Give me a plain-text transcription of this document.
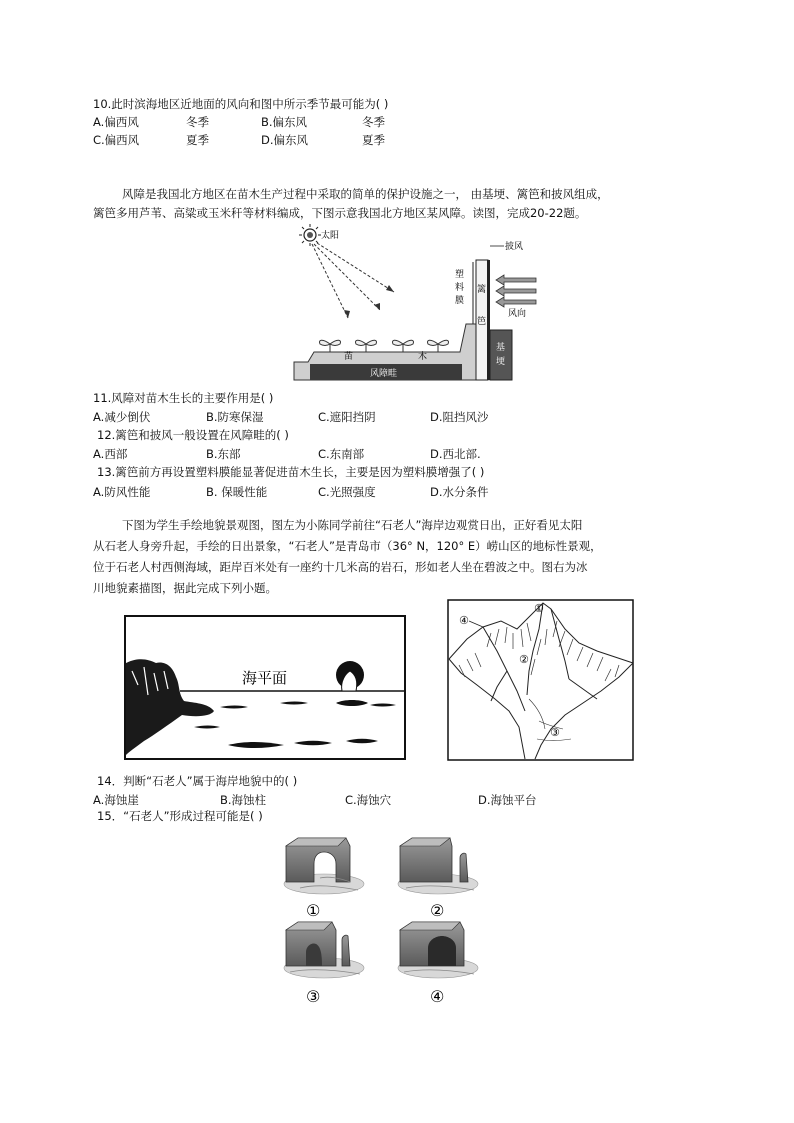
10.此时滨海地区近地面的风向和图中所示季节最可能为( )
A.偏西风	冬季	B.偏东风	冬季
C.偏西风	夏季	D.偏东风	夏季
风障是我国北方地区在苗木生产过程中采取的简单的保护设施之一， 由基埂、篱笆和披风组成，
篱笆多用芦苇、高粱或玉米秆等材料编成，下图示意我国北方地区某风障。读图，完成20-22题。
太阳
风障畦
苗	木
篱
笆
塑
料
膜
披风
基
埂
风向
11.风障对苗木生长的主要作用是( )
A.减少倒伏	B.防寒保湿	C.遮阳挡阴	D.阻挡风沙
12.篱笆和披风一般设置在风障畦的( )
A.西部	B.东部	C.东南部	D.西北部.
13.篱笆前方再设置塑料膜能显著促进苗木生长，主要是因为塑料膜增强了( )
A.防风性能	B. 保暖性能	C.光照强度	D.水分条件
下图为学生手绘地貌景观图，图左为小陈同学前往“石老人”海岸边观赏日出，正好看见太阳
从石老人身旁升起，手绘的日出景象，“石老人”是青岛市（36° N，120° E）崂山区的地标性景观，
位于石老人村西侧海域，距岸百米处有一座约十几米高的岩石，形如老人坐在碧波之中。图右为冰
川地貌素描图，据此完成下列小题。
海平面
①
②
③
④
14．判断“石老人”属于海岸地貌中的( )
A.海蚀崖	B.海蚀柱	C.海蚀穴	D.海蚀平台
15．“石老人”形成过程可能是( )
①	②
③	④
